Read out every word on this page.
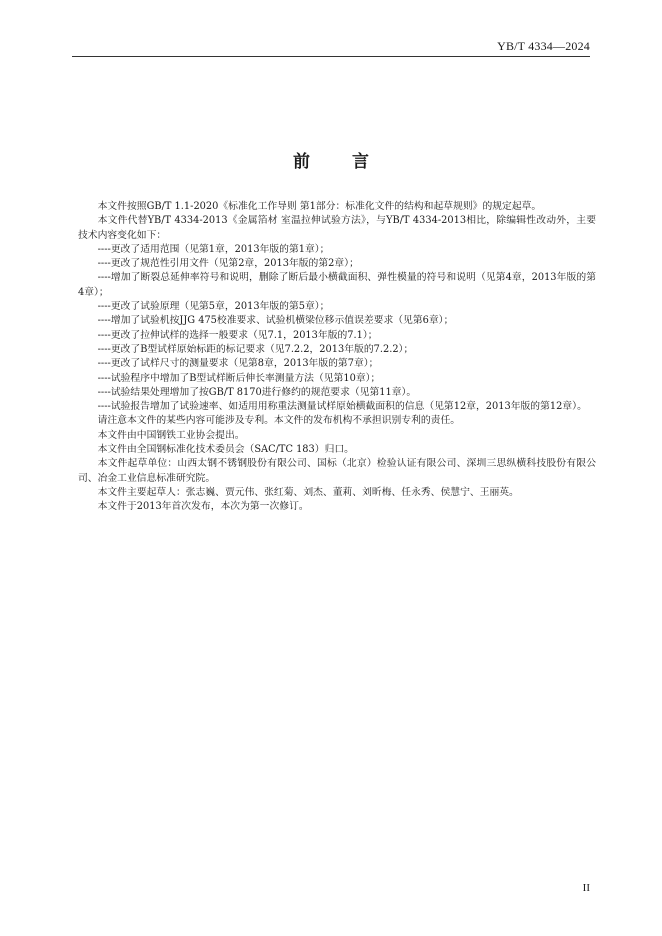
YB/T 4334—2024
前 言

本文件按照GB/T 1.1-2020《标准化工作导则 第1部分：标准化文件的结构和起草规则》的规定起草。

本文件代替YB/T 4334-2013《金属箔材 室温拉伸试验方法》，与YB/T 4334-2013相比，除编辑性改动外，主要技术内容变化如下：

----更改了适用范围（见第1章，2013年版的第1章）；

----更改了规范性引用文件（见第2章，2013年版的第2章）；

----增加了断裂总延伸率符号和说明，删除了断后最小横截面积、弹性模量的符号和说明（见第4章，2013年版的第4章）；

----更改了试验原理（见第5章，2013年版的第5章）；

----增加了试验机按JJG 475校准要求、试验机横梁位移示值误差要求（见第6章）；

----更改了拉伸试样的选择一般要求（见7.1，2013年版的7.1）；

----更改了B型试样原始标距的标记要求（见7.2.2，2013年版的7.2.2）；

----更改了试样尺寸的测量要求（见第8章，2013年版的第7章）；

----试验程序中增加了B型试样断后伸长率测量方法（见第10章）；

----试验结果处理增加了按GB/T 8170进行修约的规范要求（见第11章）。

----试验报告增加了试验速率、如适用用称重法测量试样原始横截面积的信息（见第12章，2013年版的第12章）。

请注意本文件的某些内容可能涉及专利。本文件的发布机构不承担识别专利的责任。

本文件由中国钢铁工业协会提出。

本文件由全国钢标准化技术委员会（SAC/TC 183）归口。

本文件起草单位：山西太钢不锈钢股份有限公司、国标（北京）检验认证有限公司、深圳三思纵横科技股份有限公司、冶金工业信息标准研究院。

本文件主要起草人：张志巍、贾元伟、张红菊、刘杰、董莉、刘昕梅、任永秀、侯慧宁、王丽英。

本文件于2013年首次发布，本次为第一次修订。

II
